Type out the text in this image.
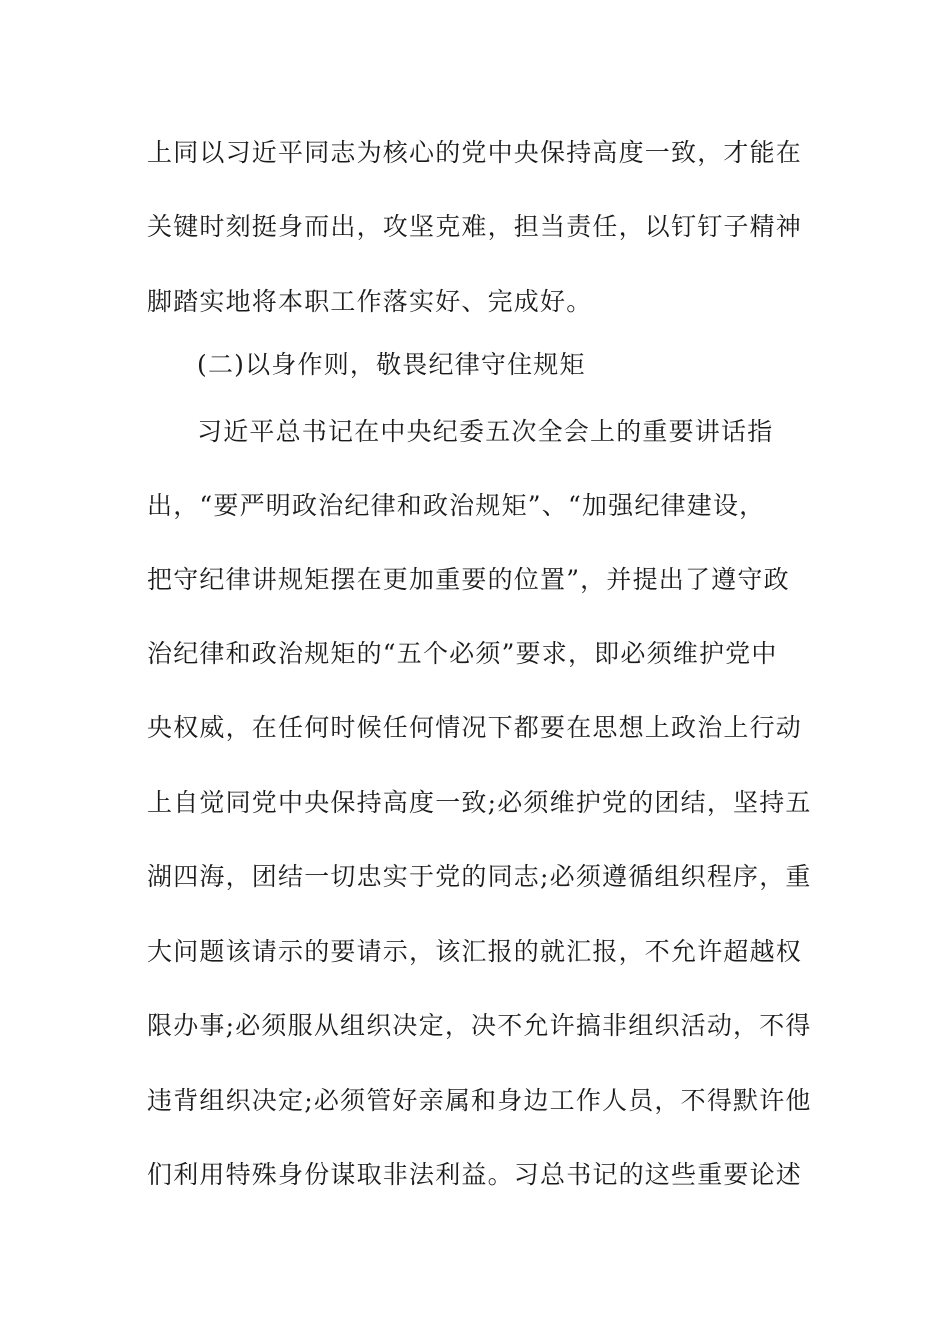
上同以习近平同志为核心的党中央保持高度一致，才能在
关键时刻挺身而出，攻坚克难，担当责任，以钉钉子精神
脚踏实地将本职工作落实好、完成好。
(二)以身作则，敬畏纪律守住规矩
习近平总书记在中央纪委五次全会上的重要讲话指
出，“要严明政治纪律和政治规矩”、“加强纪律建设，
把守纪律讲规矩摆在更加重要的位置”，并提出了遵守政
治纪律和政治规矩的“五个必须”要求，即必须维护党中
央权威，在任何时候任何情况下都要在思想上政治上行动
上自觉同党中央保持高度一致;必须维护党的团结，坚持五
湖四海，团结一切忠实于党的同志;必须遵循组织程序，重
大问题该请示的要请示，该汇报的就汇报，不允许超越权
限办事;必须服从组织决定，决不允许搞非组织活动，不得
违背组织决定;必须管好亲属和身边工作人员，不得默许他
们利用特殊身份谋取非法利益。习总书记的这些重要论述
